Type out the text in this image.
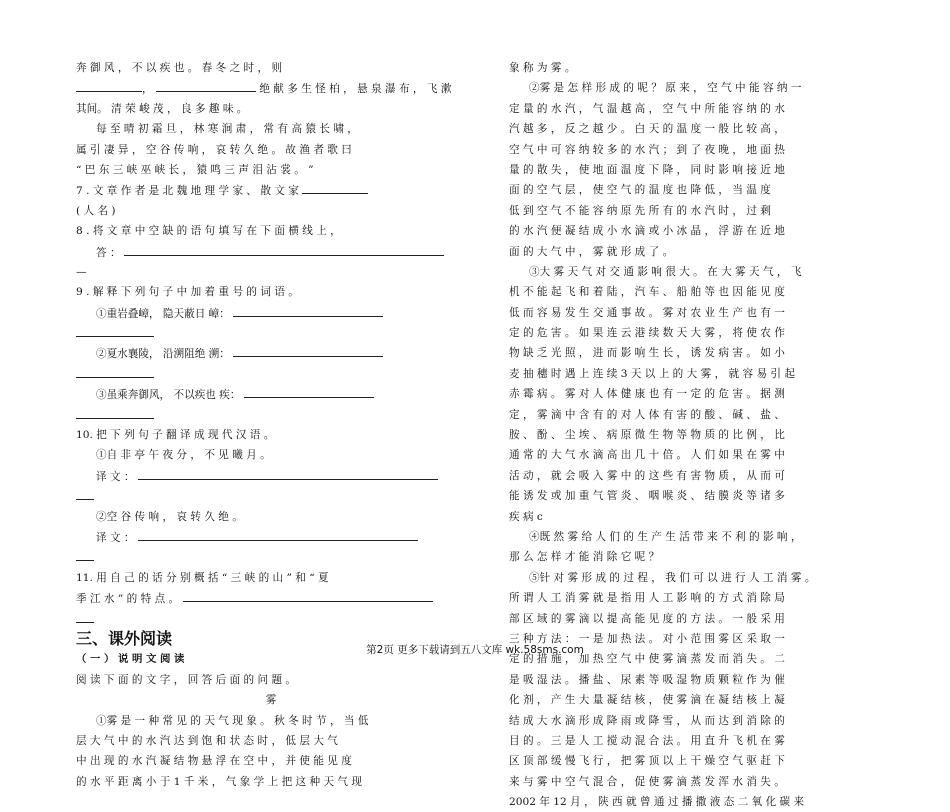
奔 御 风 ， 不 以 疾 也 。 春 冬 之 时 ， 则
，	绝 献 多 生 怪 柏 ， 悬 泉 瀑 布 ， 飞 漱
其间。 清 荣 峻 茂 ， 良 多 趣 味 。
每 至 晴 初 霜 旦 ， 林 寒 涧 肃 ， 常 有 高 猿 长 啸 ，
属 引 凄 异 ， 空 谷 传 响 ， 哀 转 久 绝 。 故 渔 者 歌 曰
“ 巴 东 三 峡 巫 峡 长 ， 猿 鸣 三 声 泪 沾 裳 。 ”
7 . 文 章 作 者 是 北 魏 地 理 学 家 、 散 文 家
( 人 名 )
8 . 将 文 章 中 空 缺 的 语 句 填 写 在 下 面 横 线 上 ，
答 ：
—
9 . 解 释 下 列 句 子 中 加 着 重 号 的 词 语 。
①重岩叠嶂， 隐天蔽日 嶂：
②夏水襄陵， 沿溯阻绝 溯：
③虽乘奔御风， 不以疾也 疾：
10. 把 下 列 句 子 翻 译 成 现 代 汉 语 。
①自 非 亭 午 夜 分 ， 不 见 曦 月 。
译 文 ：
②空 谷 传 响 ， 哀 转 久 绝 。
译 文 ：
11. 用 自 己 的 话 分 别 概 括 “ 三 峡 的 山 ” 和 “ 夏
季 江 水 ” 的 特 点 。
三、课外阅读
（ 一 ） 说 明 文 阅 读
阅 读 下 面 的 文 字 ， 回 答 后 面 的 问 题 。
雾
①雾 是 一 种 常 见 的 天 气 现 象 。 秋 冬 时 节 ， 当 低
层 大 气 中 的 水 汽 达 到 饱 和 状 态 时 ， 低 层 大 气
中 出 现 的 水 汽 凝 结 物 悬 浮 在 空 中 ， 并 使 能 见 度
的 水 平 距 离 小 于 1 千 米 ， 气 象 学 上 把 这 种 天 气 现
象 称 为 雾 。
②雾 是 怎 样 形 成 的 呢 ？ 原 来 ， 空 气 中 能 容 纳 一
定 量 的 水 汽 ， 气 温 越 高 ， 空 气 中 所 能 容 纳 的 水
汽 越 多 ， 反 之 越 少 。 白 天 的 温 度 一 般 比 较 高 ，
空 气 中 可 容 纳 较 多 的 水 汽 ； 到 了 夜 晚 ， 地 面 热
量 的 散 失 ， 使 地 面 温 度 下 降 ， 同 时 影 响 接 近 地
面 的 空 气 层 ， 使 空 气 的 温 度 也 降 低 ， 当 温 度
低 到 空 气 不 能 容 纳 原 先 所 有 的 水 汽 时 ， 过 剩
的 水 汽 便 凝 结 成 小 水 滴 或 小 冰 晶 ， 浮 游 在 近 地
面 的 大 气 中 ， 雾 就 形 成 了 。
③大 雾 天 气 对 交 通 影 响 很 大 。 在 大 雾 天 气 ， 飞
机 不 能 起 飞 和 着 陆 ， 汽 车 、 船 舶 等 也 因 能 见 度
低 而 容 易 发 生 交 通 事 故 。 雾 对 农 业 生 产 也 有 一
定 的 危 害 。 如 果 连 云 港 续 数 天 大 雾 ， 将 使 农 作
物 缺 乏 光 照 ， 进 而 影 响 生 长 ， 诱 发 病 害 。 如 小
麦 抽 穗 时 遇 上 连 续 3 天 以 上 的 大 雾 ， 就 容 易 引 起
赤 霉 病 。 雾 对 人 体 健 康 也 有 一 定 的 危 害 。 据 测
定 ， 雾 滴 中 含 有 的 对 人 体 有 害 的 酸 、 碱 、 盐 、
胺 、 酚 、 尘 埃 、 病 原 微 生 物 等 物 质 的 比 例 ， 比
通 常 的 大 气 水 滴 高 出 几 十 倍 。 人 们 如 果 在 雾 中
活 动 ， 就 会 吸 入 雾 中 的 这 些 有 害 物 质 ， 从 而 可
能 诱 发 或 加 重 气 管 炎 、 咽 喉 炎 、 结 膜 炎 等 诸 多
疾 病 c
④既 然 雾 给 人 们 的 生 产 生 活 带 来 不 利 的 影 响 ，
那 么 怎 样 才 能 消 除 它 呢 ？
⑤针 对 雾 形 成 的 过 程 ， 我 们 可 以 进 行 人 工 消 雾 。
所 谓 人 工 消 雾 就 是 指 用 人 工 影 响 的 方 式 消 除 局
部 区 域 的 雾 滴 以 提 高 能 见 度 的 方 法 。 一 般 采 用
三 种 方 法 ： 一 是 加 热 法 。 对 小 范 围 雾 区 采 取 一
定 的 措 施 ， 加 热 空 气 中 使 雾 滴 蒸 发 而 消 失 。 二
是 吸 湿 法 。 播 盐 、 尿 素 等 吸 湿 物 质 颗 粒 作 为 催
化 剂 ， 产 生 大 量 凝 结 核 ， 使 雾 滴 在 凝 结 核 上 凝
结 成 大 水 滴 形 成 降 雨 或 降 雪 ， 从 而 达 到 消 除 的
目 的 。 三 是 人 工 搅 动 混 合 法 。 用 直 升 飞 机 在 雾
区 顶 部 缓 慢 飞 行 ， 把 雾 顶 以 上 干 燥 空 气 驱 赶 下
来 与 雾 中 空 气 混 合 ， 促 使 雾 滴 蒸 发 浑 水 消 失 。
2002 年 12 月 ， 陕 西 就 曾 通 过 播 撒 液 态 二 氧 化 碳 来
第2页 更多下载请到五八文库 wk.58sms.com
